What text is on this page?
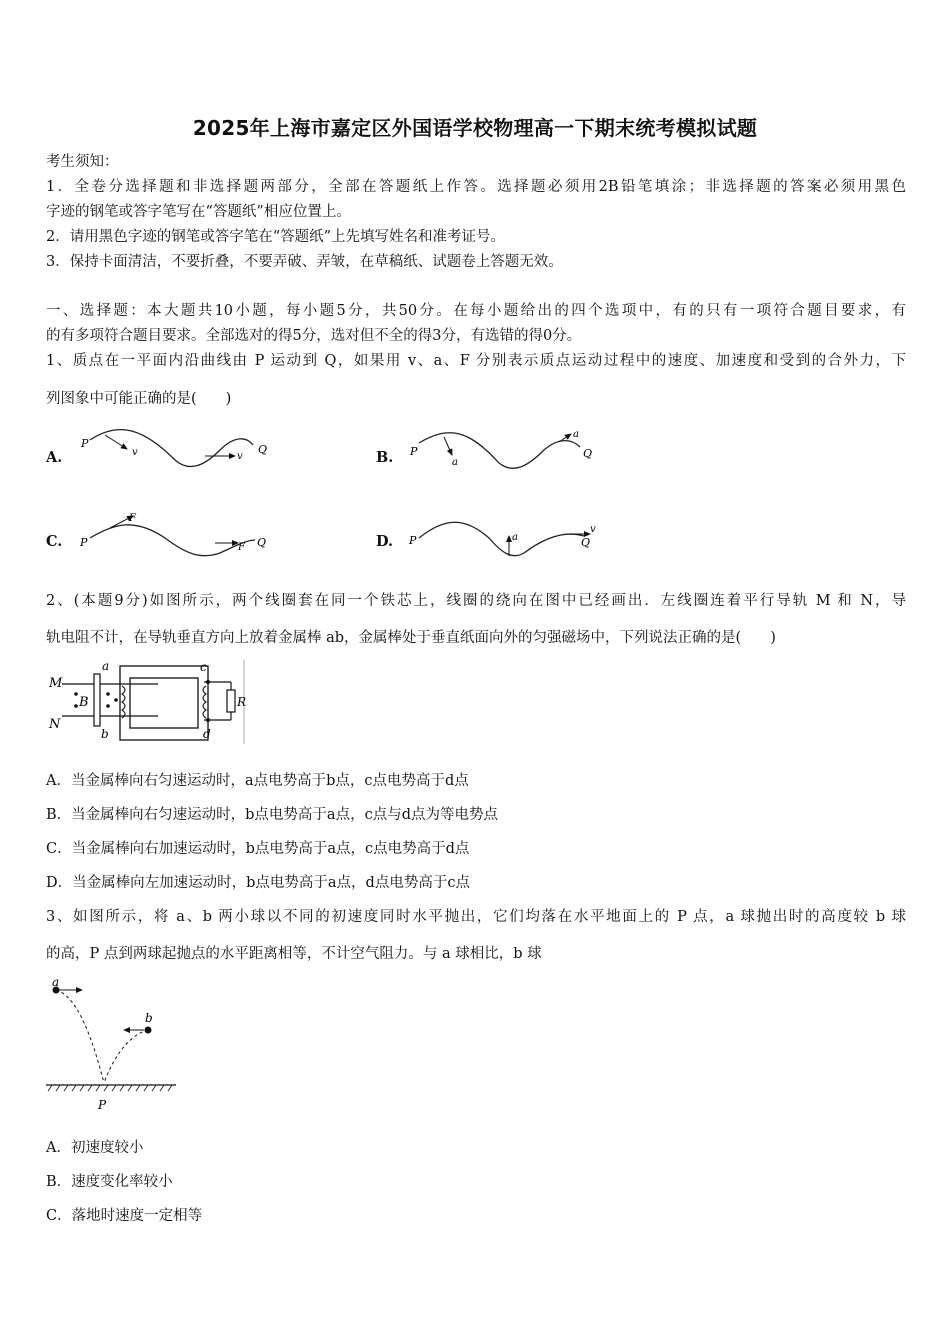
2025年上海市嘉定区外国语学校物理高一下期末统考模拟试题
考生须知：
1．全卷分选择题和非选择题两部分，全部在答题纸上作答。选择题必须用2B铅笔填涂；非选择题的答案必须用黑色
字迹的钢笔或答字笔写在“答题纸”相应位置上。
2．请用黑色字迹的钢笔或答字笔在“答题纸”上先填写姓名和准考证号。
3．保持卡面清洁，不要折叠，不要弄破、弄皱，在草稿纸、试题卷上答题无效。
一、选择题：本大题共10小题，每小题5分，共50分。在每小题给出的四个选项中，有的只有一项符合题目要求，有
的有多项符合题目要求。全部选对的得5分，选对但不全的得3分，有选错的得0分。
1、质点在一平面内沿曲线由 P 运动到 Q，如果用 v、a、F 分别表示质点运动过程中的速度、加速度和受到的合外力，下
列图象中可能正确的是(　　)
A.	B.
C.	D.
P
v	v
Q	P
a
a
Q
P
F
F Q	P	a
v
Q
2、(本题9分)如图所示，两个线圈套在同一个铁芯上，线圈的绕向在图中已经画出．左线圈连着平行导轨 M 和 N，导
轨电阻不计，在导轨垂直方向上放着金属棒 ab，金属棒处于垂直纸面向外的匀强磁场中，下列说法正确的是(　　)
M
N
B
a
b
c
d
R
A．当金属棒向右匀速运动时，a点电势高于b点，c点电势高于d点
B．当金属棒向右匀速运动时，b点电势高于a点，c点与d点为等电势点
C．当金属棒向右加速运动时，b点电势高于a点，c点电势高于d点
D．当金属棒向左加速运动时，b点电势高于a点，d点电势高于c点
3、如图所示，将 a、b 两小球以不同的初速度同时水平抛出，它们均落在水平地面上的 P 点，a 球抛出时的高度较 b 球
的高，P 点到两球起抛点的水平距离相等，不计空气阻力。与 a 球相比，b 球
a
b
P
A．初速度较小
B．速度变化率较小
C．落地时速度一定相等
